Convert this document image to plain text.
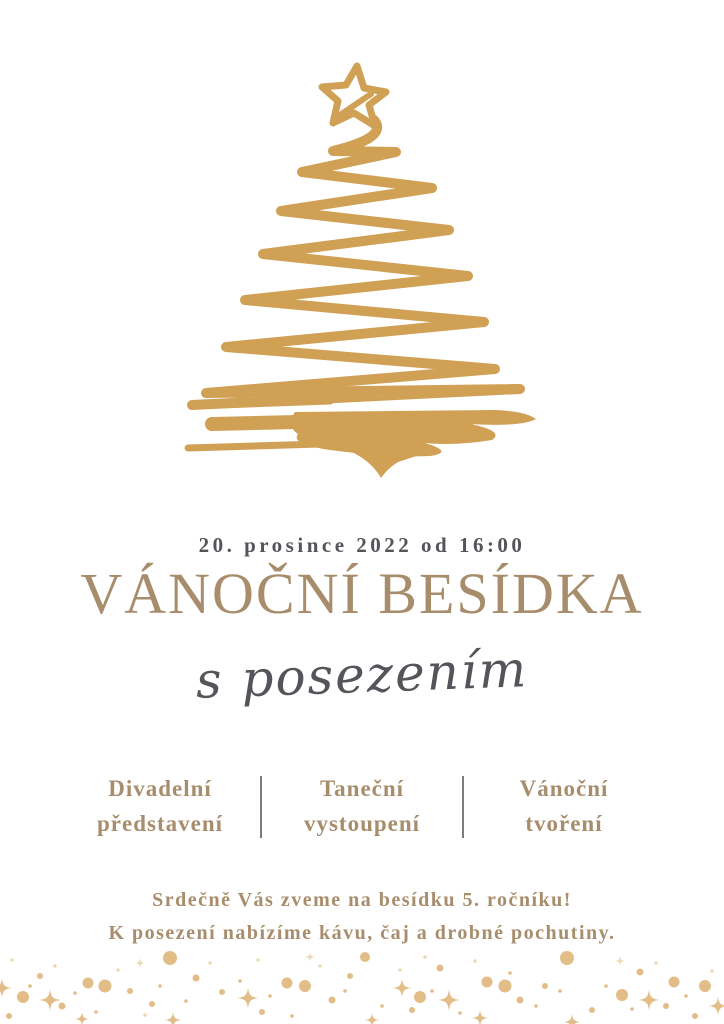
20. prosince 2022 od 16:00
VÁNOČNÍ BESÍDKA
s posezením
Divadelní
představení
Taneční
vystoupení
Vánoční
tvoření
Srdečně Vás zveme na besídku 5. ročníku!
K posezení nabízíme kávu, čaj a drobné pochutiny.
